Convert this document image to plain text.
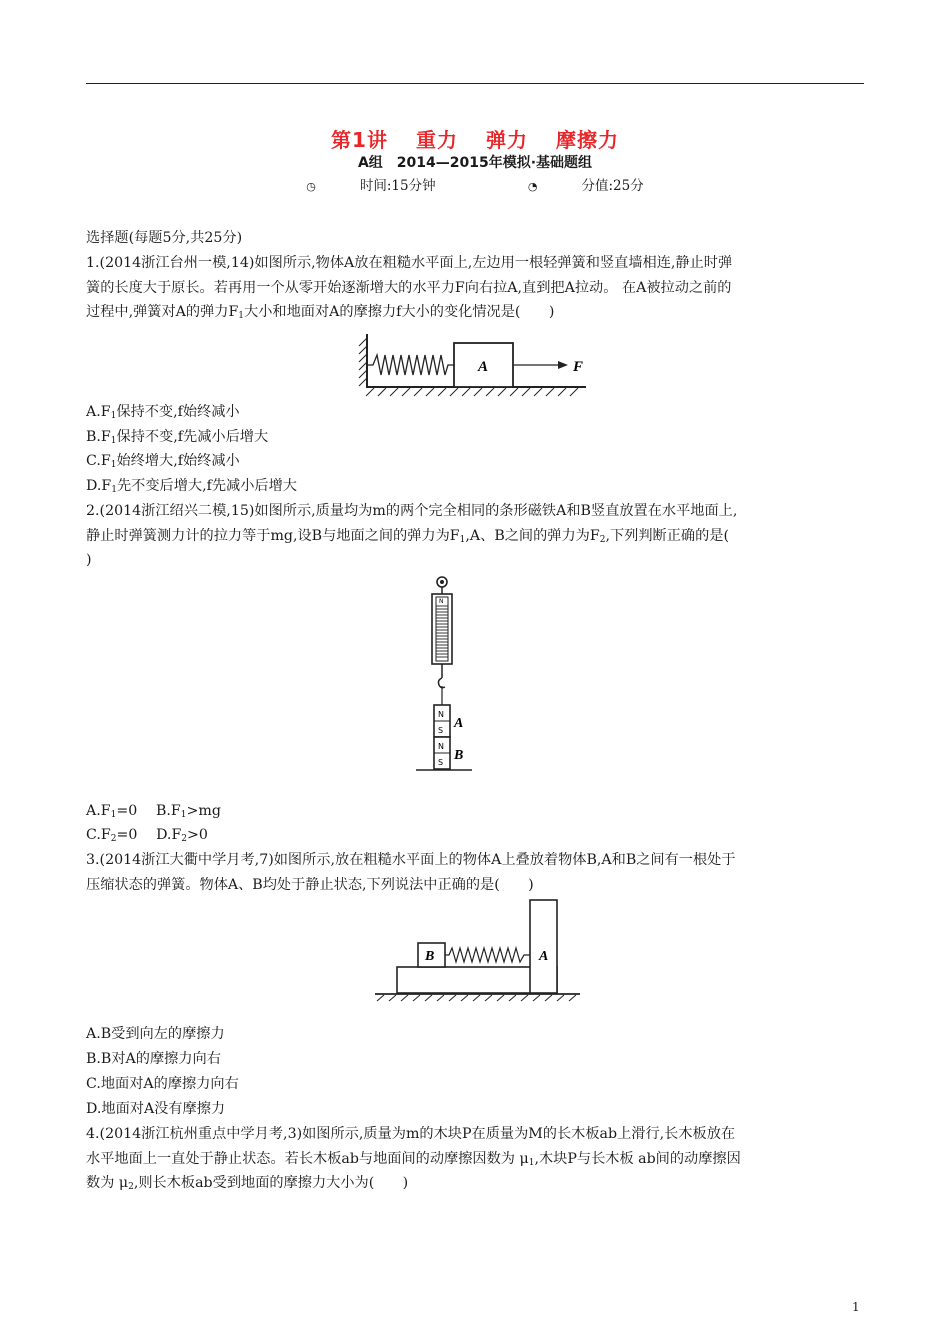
第1讲 重力 弹力 摩擦力
A组　2014—2015年模拟·基础题组
◷	时间:15分钟	◔	分值:25分
选择题(每题5分,共25分)
1.(2014浙江台州一模,14)如图所示,物体A放在粗糙水平面上,左边用一根轻弹簧和竖直墙相连,静止时弹
簧的长度大于原长。若再用一个从零开始逐渐增大的水平力F向右拉A,直到把A拉动。 在A被拉动之前的
过程中,弹簧对A的弹力$F_1$大小和地面对A的摩擦力f大小的变化情况是(　　)
A	F
$A.F_1$保持不变,f始终减小
$B.F_1$保持不变,f先减小后增大
$C.F_1$始终增大,f始终减小
$D.F_1$先不变后增大,f先减小后增大
2.(2014浙江绍兴二模,15)如图所示,质量均为m的两个完全相同的条形磁铁A和B竖直放置在水平地面上,
静止时弹簧测力计的拉力等于mg,设B与地面之间的弹力为$F_1,A$、B之间的弹力为$F_2$,下列判断正确的是(
)
N
N
S
N
S
A
B
$A.F_1=0$　 $B.F_1>mg$
$C.F_2=0$　 $D.F_2>0$
3.(2014浙江大衢中学月考,7)如图所示,放在粗糙水平面上的物体A上叠放着物体B,A和B之间有一根处于
压缩状态的弹簧。物体A、B均处于静止状态,下列说法中正确的是(　　)
B	A
A.B受到向左的摩擦力
B.B对A的摩擦力向右
C.地面对A的摩擦力向右
D.地面对A没有摩擦力
4.(2014浙江杭州重点中学月考,3)如图所示,质量为m的木块P在质量为M的长木板ab上滑行,长木板放在
水平地面上一直处于静止状态。若长木板ab与地面间的动摩擦因数为 $\mu_1$,木块P与长木板 ab间的动摩擦因
数为 $\mu_2$,则长木板ab受到地面的摩擦力大小为(　　)
1
